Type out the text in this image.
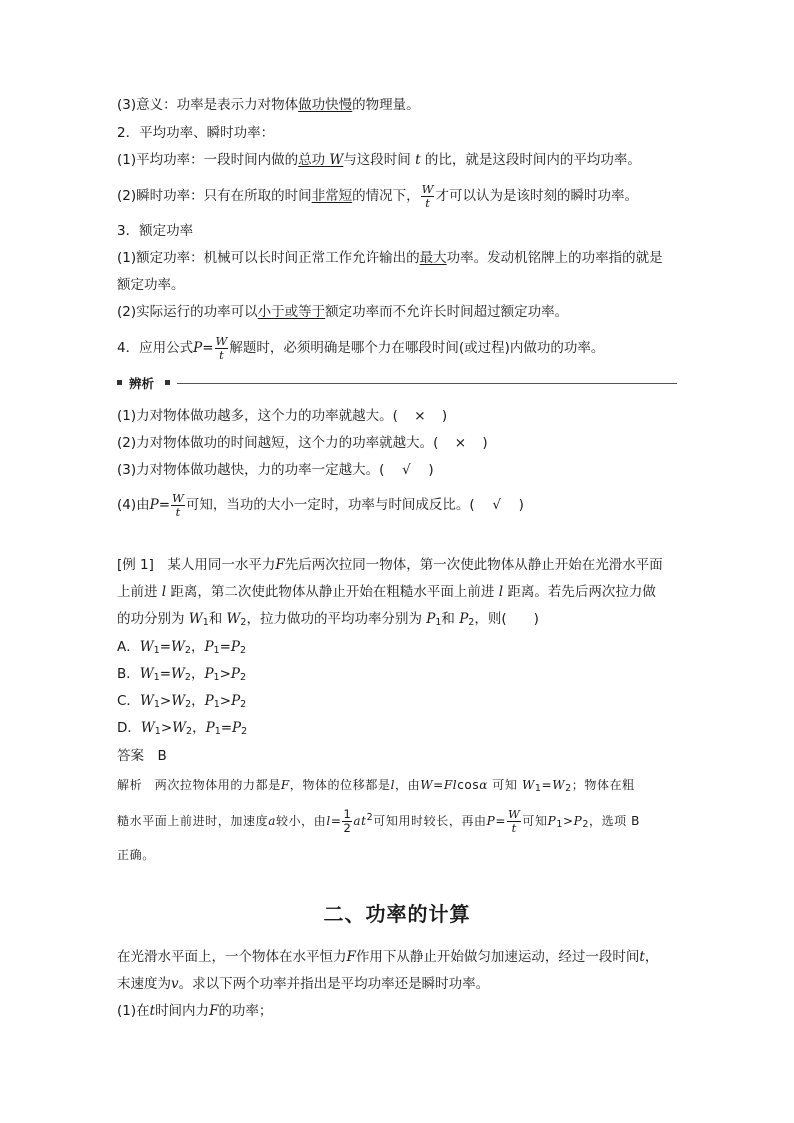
(3)意义：功率是表示力对物体做功快慢的物理量。
2．平均功率、瞬时功率：
(1)平均功率：一段时间内做的总功 W与这段时间 t 的比，就是这段时间内的平均功率。
(2)瞬时功率：只有在所取的时间非常短的情况下， $\frac{W}{t}$ 才可以认为是该时刻的瞬时功率。
3．额定功率
(1)额定功率：机械可以长时间正常工作允许输出的最大功率。发动机铭牌上的功率指的就是
额定功率。
(2)实际运行的功率可以小于或等于额定功率而不允许长时间超过额定功率。
4．应用公式$P= \frac{W}{t}$ 解题时，必须明确是哪个力在哪段时间(或过程)内做功的功率。
辨析
(1)力对物体做功越多，这个力的功率就越大。( × )
(2)力对物体做功的时间越短，这个力的功率就越大。( × )
(3)力对物体做功越快，力的功率一定越大。( √ )
(4)由$P= \frac{W}{t}$ 可知，当功的大小一定时，功率与时间成反比。( √ )
[例 1]　某人用同一水平力F先后两次拉同一物体，第一次使此物体从静止开始在光滑水平面
上前进 l 距离，第二次使此物体从静止开始在粗糙水平面上前进 l 距离。若先后两次拉力做
的功分别为 $W_1$和 $W_2$，拉力做功的平均功率分别为 $P_1$和 $P_2$，则(　　)
A．$W_1=W_2$，$P_1=P_2$
B．$W_1=W_2$，$P_1>P_2$
C．$W_1>W_2$，$P_1>P_2$
D．$W_1>W_2$，$P_1=P_2$
答案　 B
解析　两次拉物体用的力都是F，物体的位移都是l，由W=Flcosα 可知 $W_1=W_2$；物体在粗
糙水平面上前进时，加速度a较小，由$l= \frac{1}{2} at^2$可知用时较长，再由$P= \frac{W}{t}$ 可知$P_1>P_2$，选项 B
正确。
二、功率的计算
在光滑水平面上，一个物体在水平恒力F作用下从静止开始做匀加速运动，经过一段时间t，
末速度为v。求以下两个功率并指出是平均功率还是瞬时功率。
(1)在t时间内力F的功率；
